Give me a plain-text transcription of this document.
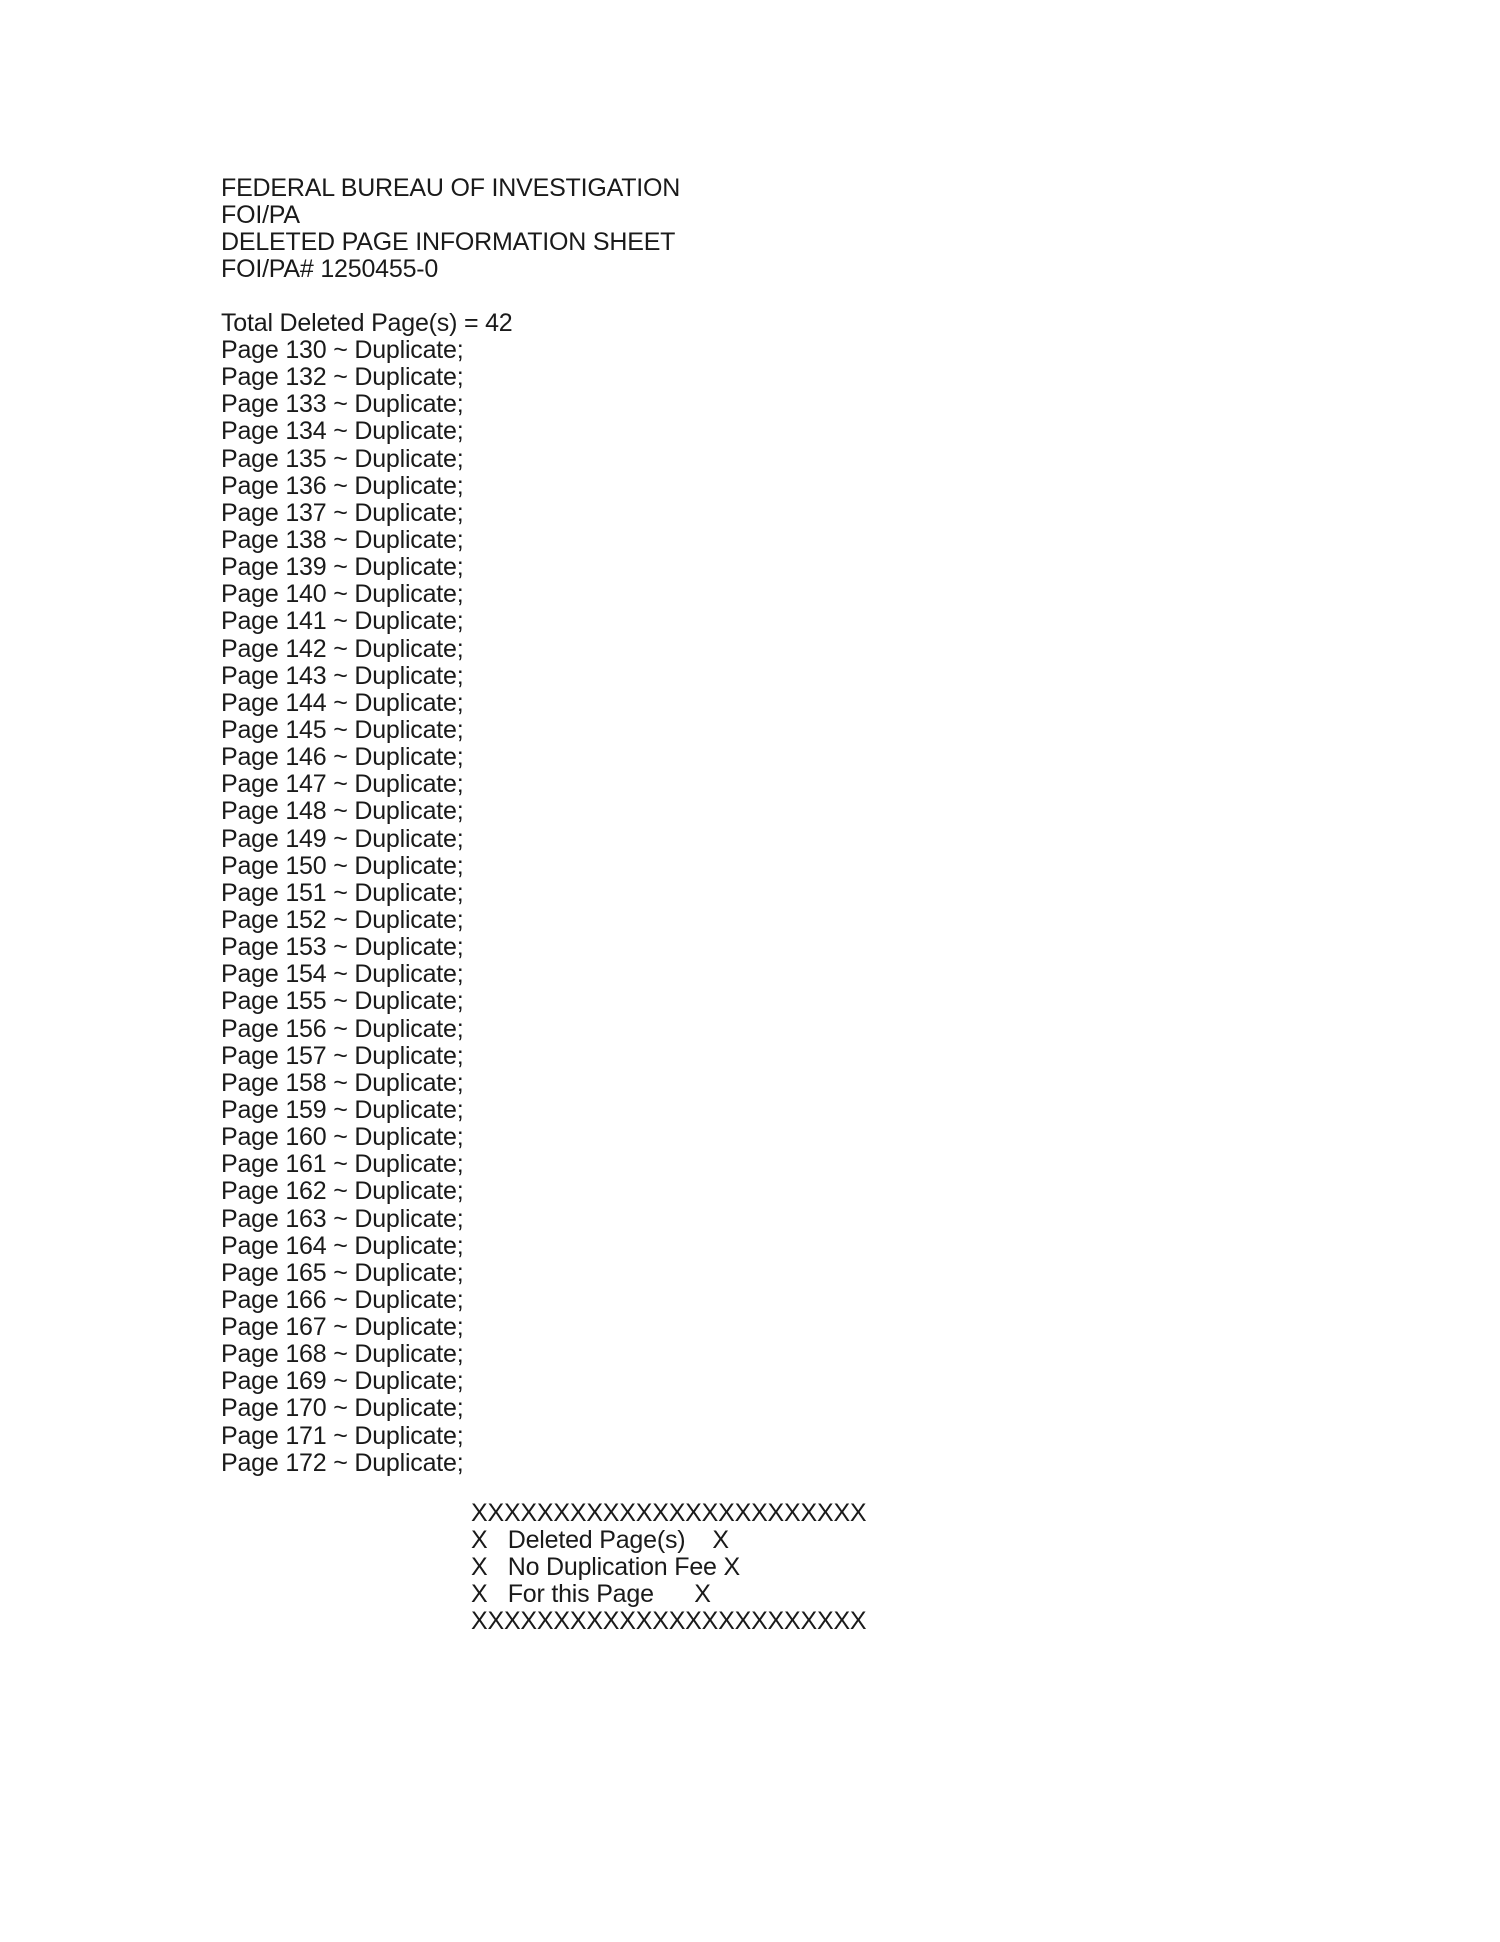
FEDERAL BUREAU OF INVESTIGATION
FOI/PA
DELETED PAGE INFORMATION SHEET
FOI/PA# 1250455-0
Total Deleted Page(s) = 42
Page 130 ~ Duplicate;
Page 132 ~ Duplicate;
Page 133 ~ Duplicate;
Page 134 ~ Duplicate;
Page 135 ~ Duplicate;
Page 136 ~ Duplicate;
Page 137 ~ Duplicate;
Page 138 ~ Duplicate;
Page 139 ~ Duplicate;
Page 140 ~ Duplicate;
Page 141 ~ Duplicate;
Page 142 ~ Duplicate;
Page 143 ~ Duplicate;
Page 144 ~ Duplicate;
Page 145 ~ Duplicate;
Page 146 ~ Duplicate;
Page 147 ~ Duplicate;
Page 148 ~ Duplicate;
Page 149 ~ Duplicate;
Page 150 ~ Duplicate;
Page 151 ~ Duplicate;
Page 152 ~ Duplicate;
Page 153 ~ Duplicate;
Page 154 ~ Duplicate;
Page 155 ~ Duplicate;
Page 156 ~ Duplicate;
Page 157 ~ Duplicate;
Page 158 ~ Duplicate;
Page 159 ~ Duplicate;
Page 160 ~ Duplicate;
Page 161 ~ Duplicate;
Page 162 ~ Duplicate;
Page 163 ~ Duplicate;
Page 164 ~ Duplicate;
Page 165 ~ Duplicate;
Page 166 ~ Duplicate;
Page 167 ~ Duplicate;
Page 168 ~ Duplicate;
Page 169 ~ Duplicate;
Page 170 ~ Duplicate;
Page 171 ~ Duplicate;
Page 172 ~ Duplicate;
XXXXXXXXXXXXXXXXXXXXXXXX
X   Deleted Page(s)    X
X   No Duplication Fee X
X   For this Page      X
XXXXXXXXXXXXXXXXXXXXXXXX
